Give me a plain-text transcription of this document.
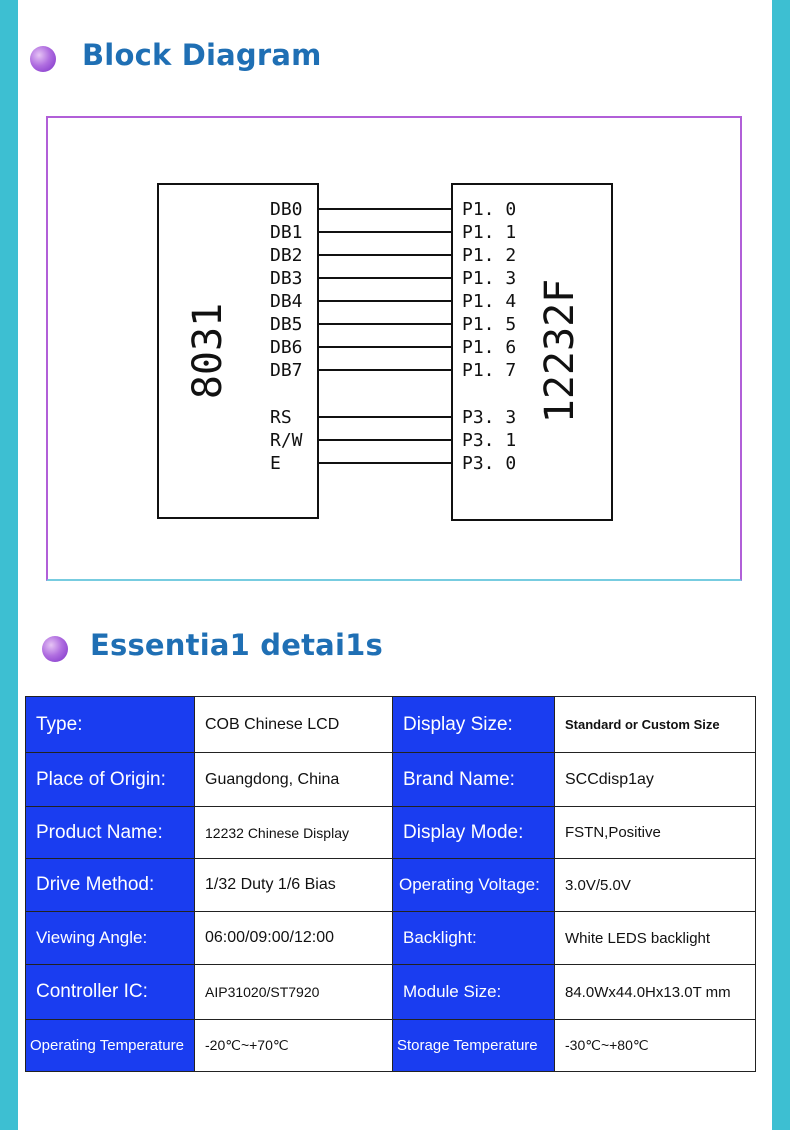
Block Diagram
8031	12232F
DB0	P1. 0
DB1	P1. 1
DB2	P1. 2
DB3	P1. 3
DB4	P1. 4
DB5	P1. 5
DB6	P1. 6
DB7	P1. 7
RS	P3. 3
R/W	P3. 1
E	P3. 0
Essentia1 detai1s
Type:	COB Chinese LCD	Display Size:	Standard or Custom Size
Place of Origin:	Guangdong, China	Brand Name:	SCCdisp1ay
Product Name:	12232 Chinese Display	Display Mode:	FSTN,Positive
Drive Method:	1/32 Duty 1/6 Bias	Operating Voltage:	3.0V/5.0V
Viewing Angle:	06:00/09:00/12:00	Backlight:	White LEDS backlight
Controller IC:	AIP31020/ST7920	Module Size:	84.0Wx44.0Hx13.0T mm
Operating Temperature	-20℃~+70℃	Storage Temperature	-30℃~+80℃
